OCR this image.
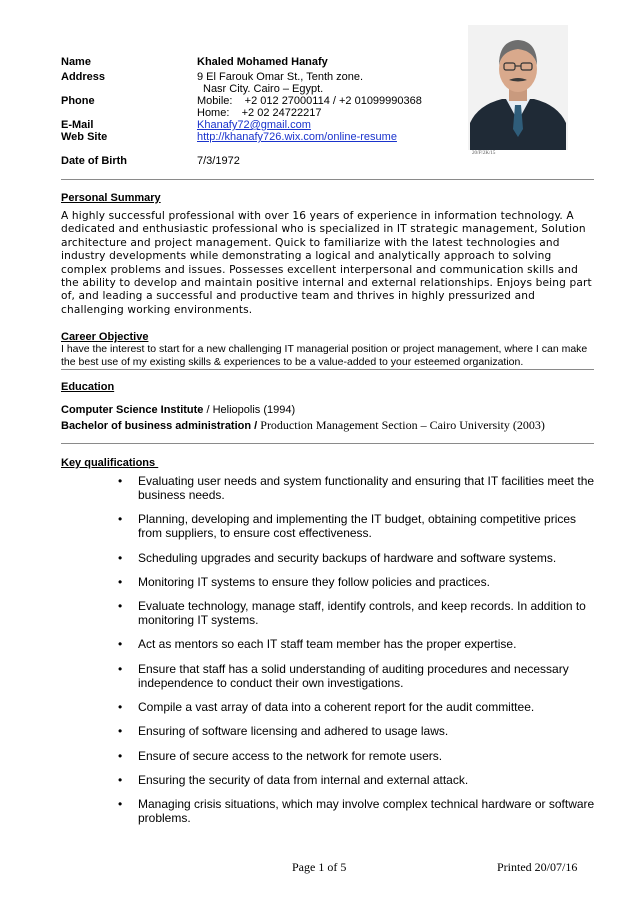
Name	Khaled Mohamed Hanafy
Address	9 El Farouk Omar St., Tenth zone.
Nasr City. Cairo – Egypt.
Phone	Mobile:    +2 012 27000114 / +2 01099990368
Home:    +2 02 24722217
E-Mail	Khanafy72@gmail.com
Web Site	http://khanafy726.wix.com/online-resume
Date of Birth	7/3/1972
20/F!2K/15
Personal Summary
A highly successful professional with over 16 years of experience in information technology. A dedicated and enthusiastic professional who is specialized in IT strategic management, Solution architecture and project management. Quick to familiarize with the latest technologies and industry developments while demonstrating a logical and analytically approach to solving complex problems and issues. Possesses excellent interpersonal and communication skills and the ability to develop and maintain positive internal and external relationships. Enjoys being part of, and leading a successful and productive team and thrives in highly pressurized and challenging working environments.
Career Objective
I have the interest to start for a new challenging IT managerial position or project management, where I can make the best use of my existing skills & experiences to be a value-added to your esteemed organization.
Education
Computer Science Institute / Heliopolis (1994)
Bachelor of business administration / Production Management Section – Cairo University (2003)
Key qualifications
• Evaluating user needs and system functionality and ensuring that IT facilities meet the business needs.
• Planning, developing and implementing the IT budget, obtaining competitive prices from suppliers, to ensure cost effectiveness.
• Scheduling upgrades and security backups of hardware and software systems.
• Monitoring IT systems to ensure they follow policies and practices.
• Evaluate technology, manage staff, identify controls, and keep records. In addition to monitoring IT systems.
• Act as mentors so each IT staff team member has the proper expertise.
• Ensure that staff has a solid understanding of auditing procedures and necessary independence to conduct their own investigations.
• Compile a vast array of data into a coherent report for the audit committee.
• Ensuring of software licensing and adhered to usage laws.
• Ensure of secure access to the network for remote users.
• Ensuring the security of data from internal and external attack.
• Managing crisis situations, which may involve complex technical hardware or software problems.
Page 1 of 5	Printed 20/07/16
